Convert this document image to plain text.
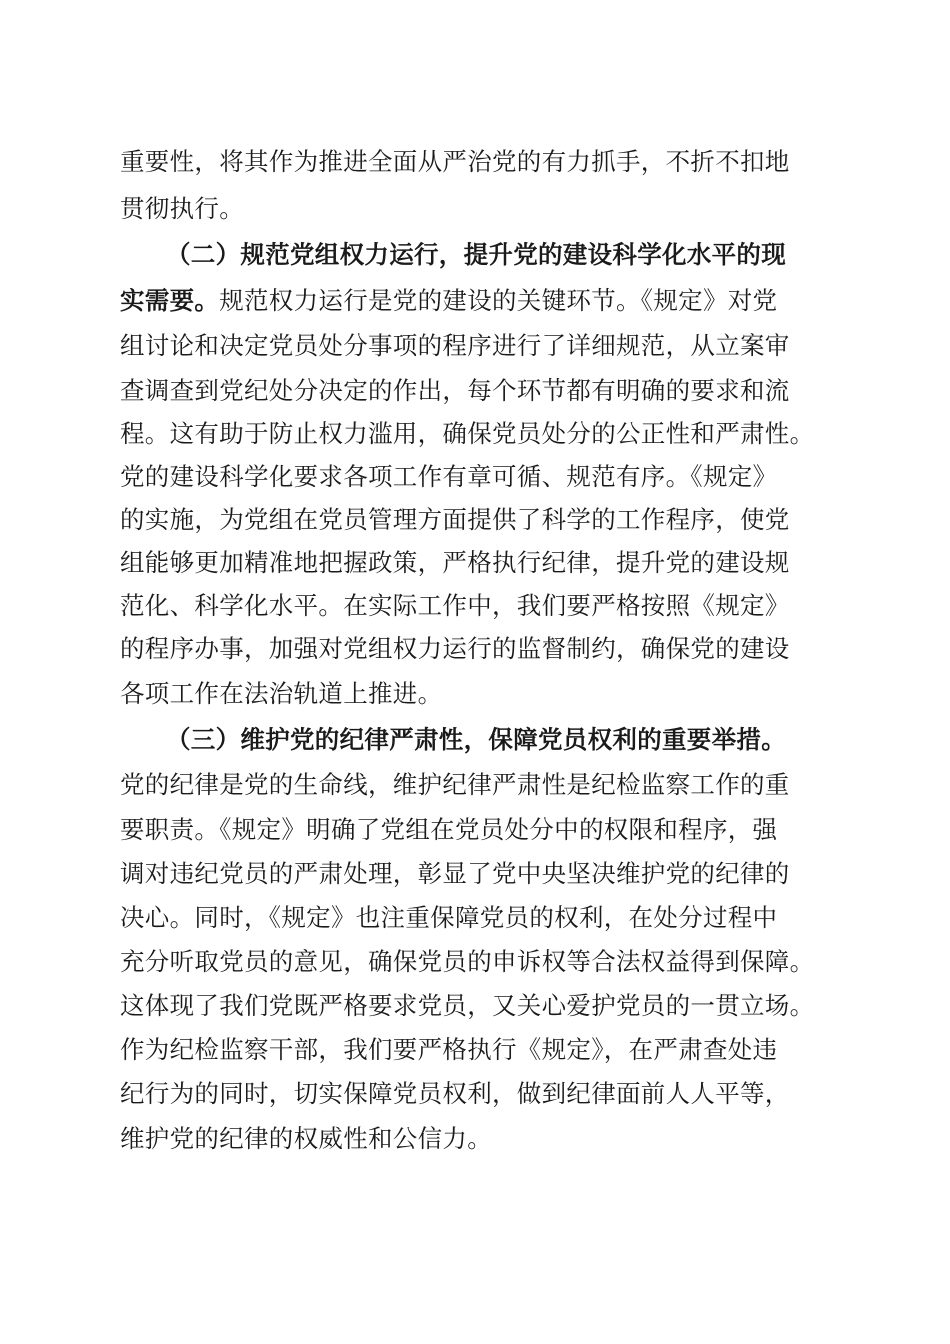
重要性，将其作为推进全面从严治党的有力抓手，不折不扣地
贯彻执行。
（二）规范党组权力运行，提升党的建设科学化水平的现
实需要。规范权力运行是党的建设的关键环节。《规定》对党
组讨论和决定党员处分事项的程序进行了详细规范，从立案审
查调查到党纪处分决定的作出，每个环节都有明确的要求和流
程。这有助于防止权力滥用，确保党员处分的公正性和严肃性。
党的建设科学化要求各项工作有章可循、规范有序。《规定》
的实施，为党组在党员管理方面提供了科学的工作程序，使党
组能够更加精准地把握政策，严格执行纪律，提升党的建设规
范化、科学化水平。在实际工作中，我们要严格按照《规定》
的程序办事，加强对党组权力运行的监督制约，确保党的建设
各项工作在法治轨道上推进。
（三）维护党的纪律严肃性，保障党员权利的重要举措。
党的纪律是党的生命线，维护纪律严肃性是纪检监察工作的重
要职责。《规定》明确了党组在党员处分中的权限和程序，强
调对违纪党员的严肃处理，彰显了党中央坚决维护党的纪律的
决心。同时，《规定》也注重保障党员的权利，在处分过程中
充分听取党员的意见，确保党员的申诉权等合法权益得到保障。
这体现了我们党既严格要求党员，又关心爱护党员的一贯立场。
作为纪检监察干部，我们要严格执行《规定》，在严肃查处违
纪行为的同时，切实保障党员权利，做到纪律面前人人平等，
维护党的纪律的权威性和公信力。
